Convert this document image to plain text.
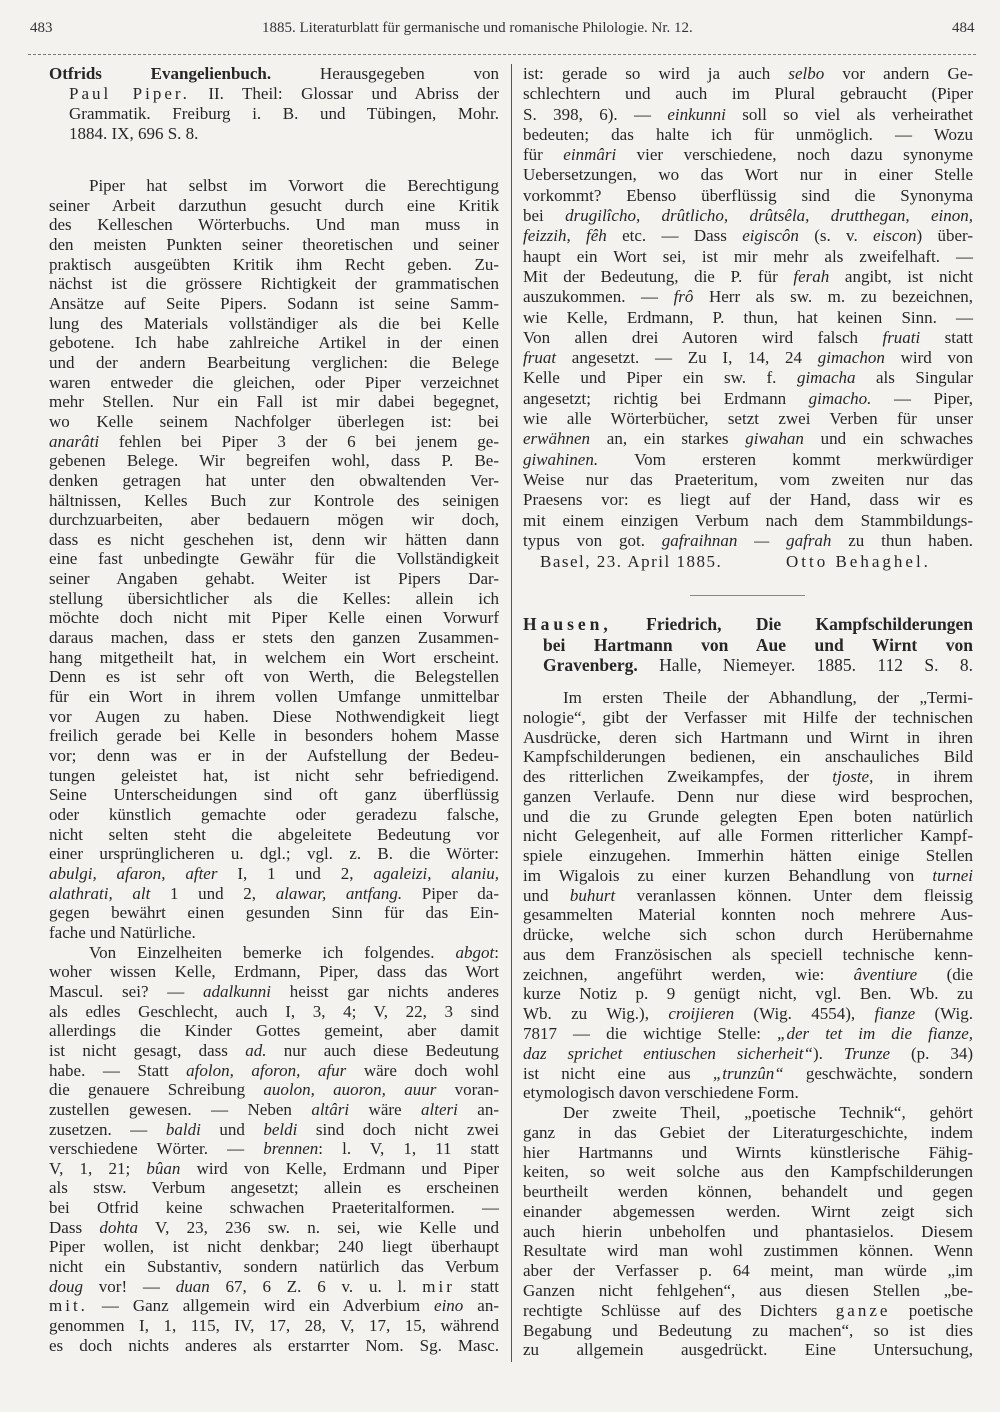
483	1885. Literaturblatt für germanische und romanische Philologie. Nr. 12.	484
Otfrids Evangelienbuch. Herausgegeben von
Paul Piper. II. Theil: Glossar und Abriss der
Grammatik. Freiburg i. B. und Tübingen, Mohr.
1884. IX, 696 S. 8.
Piper hat selbst im Vorwort die Berechtigung
seiner Arbeit darzuthun gesucht durch eine Kritik
des Kelleschen Wörterbuchs. Und man muss in
den meisten Punkten seiner theoretischen und seiner
praktisch ausgeübten Kritik ihm Recht geben. Zu-
nächst ist die grössere Richtigkeit der grammatischen
Ansätze auf Seite Pipers. Sodann ist seine Samm-
lung des Materials vollständiger als die bei Kelle
gebotene. Ich habe zahlreiche Artikel in der einen
und der andern Bearbeitung verglichen: die Belege
waren entweder die gleichen, oder Piper verzeichnet
mehr Stellen. Nur ein Fall ist mir dabei begegnet,
wo Kelle seinem Nachfolger überlegen ist: bei
anarâti fehlen bei Piper 3 der 6 bei jenem ge-
gebenen Belege. Wir begreifen wohl, dass P. Be-
denken getragen hat unter den obwaltenden Ver-
hältnissen, Kelles Buch zur Kontrole des seinigen
durchzuarbeiten, aber bedauern mögen wir doch,
dass es nicht geschehen ist, denn wir hätten dann
eine fast unbedingte Gewähr für die Vollständigkeit
seiner Angaben gehabt. Weiter ist Pipers Dar-
stellung übersichtlicher als die Kelles: allein ich
möchte doch nicht mit Piper Kelle einen Vorwurf
daraus machen, dass er stets den ganzen Zusammen-
hang mitgetheilt hat, in welchem ein Wort erscheint.
Denn es ist sehr oft von Werth, die Belegstellen
für ein Wort in ihrem vollen Umfange unmittelbar
vor Augen zu haben. Diese Nothwendigkeit liegt
freilich gerade bei Kelle in besonders hohem Masse
vor; denn was er in der Aufstellung der Bedeu-
tungen geleistet hat, ist nicht sehr befriedigend.
Seine Unterscheidungen sind oft ganz überflüssig
oder künstlich gemachte oder geradezu falsche,
nicht selten steht die abgeleitete Bedeutung vor
einer ursprünglicheren u. dgl.; vgl. z. B. die Wörter:
abulgi, afaron, after I, 1 und 2, agaleizi, alaniu,
alathrati, alt 1 und 2, alawar, antfang. Piper da-
gegen bewährt einen gesunden Sinn für das Ein-
fache und Natürliche.
Von Einzelheiten bemerke ich folgendes. abgot:
woher wissen Kelle, Erdmann, Piper, dass das Wort
Mascul. sei? — adalkunni heisst gar nichts anderes
als edles Geschlecht, auch I, 3, 4; V, 22, 3 sind
allerdings die Kinder Gottes gemeint, aber damit
ist nicht gesagt, dass ad. nur auch diese Bedeutung
habe. — Statt afolon, aforon, afur wäre doch wohl
die genauere Schreibung auolon, auoron, auur voran-
zustellen gewesen. — Neben altâri wäre alteri an-
zusetzen. — baldi und beldi sind doch nicht zwei
verschiedene Wörter. — brennen: l. V, 1, 11 statt
V, 1, 21; bûan wird von Kelle, Erdmann und Piper
als stsw. Verbum angesetzt; allein es erscheinen
bei Otfrid keine schwachen Praeteritalformen. —
Dass dohta V, 23, 236 sw. n. sei, wie Kelle und
Piper wollen, ist nicht denkbar; 240 liegt überhaupt
nicht ein Substantiv, sondern natürlich das Verbum
doug vor! — duan 67, 6 Z. 6 v. u. l. mir statt
mit. — Ganz allgemein wird ein Adverbium eino an-
genommen I, 1, 115, IV, 17, 28, V, 17, 15, während
es doch nichts anderes als erstarrter Nom. Sg. Masc.
ist: gerade so wird ja auch selbo vor andern Ge-
schlechtern und auch im Plural gebraucht (Piper
S. 398, 6). — einkunni soll so viel als verheirathet
bedeuten; das halte ich für unmöglich. — Wozu
für einmâri vier verschiedene, noch dazu synonyme
Uebersetzungen, wo das Wort nur in einer Stelle
vorkommt? Ebenso überflüssig sind die Synonyma
bei drugilîcho, drûtlicho, drûtsêla, drutthegan, einon,
feizzih, fêh etc. — Dass eigiscôn (s. v. eiscon) über-
haupt ein Wort sei, ist mir mehr als zweifelhaft. —
Mit der Bedeutung, die P. für ferah angibt, ist nicht
auszukommen. — frô Herr als sw. m. zu bezeichnen,
wie Kelle, Erdmann, P. thun, hat keinen Sinn. —
Von allen drei Autoren wird falsch fruati statt
fruat angesetzt. — Zu I, 14, 24 gimachon wird von
Kelle und Piper ein sw. f. gimacha als Singular
angesetzt; richtig bei Erdmann gimacho. — Piper,
wie alle Wörterbücher, setzt zwei Verben für unser
erwähnen an, ein starkes giwahan und ein schwaches
giwahinen. Vom ersteren kommt merkwürdiger
Weise nur das Praeteritum, vom zweiten nur das
Praesens vor: es liegt auf der Hand, dass wir es
mit einem einzigen Verbum nach dem Stammbildungs-
typus von got. gafraihnan — gafrah zu thun haben.
Basel, 23. April 1885.	Otto Behaghel.
Hausen, Friedrich, Die Kampfschilderungen
bei Hartmann von Aue und Wirnt von
Gravenberg. Halle, Niemeyer. 1885. 112 S. 8.
Im ersten Theile der Abhandlung, der „Termi-
nologie“, gibt der Verfasser mit Hilfe der technischen
Ausdrücke, deren sich Hartmann und Wirnt in ihren
Kampfschilderungen bedienen, ein anschauliches Bild
des ritterlichen Zweikampfes, der tjoste, in ihrem
ganzen Verlaufe. Denn nur diese wird besprochen,
und die zu Grunde gelegten Epen boten natürlich
nicht Gelegenheit, auf alle Formen ritterlicher Kampf-
spiele einzugehen. Immerhin hätten einige Stellen
im Wigalois zu einer kurzen Behandlung von turnei
und buhurt veranlassen können. Unter dem fleissig
gesammelten Material konnten noch mehrere Aus-
drücke, welche sich schon durch Herübernahme
aus dem Französischen als speciell technische kenn-
zeichnen, angeführt werden, wie: âventiure (die
kurze Notiz p. 9 genügt nicht, vgl. Ben. Wb. zu
Wb. zu Wig.), croijieren (Wig. 4554), fianze (Wig.
7817 — die wichtige Stelle: „der tet im die fianze,
daz sprichet entiuschen sicherheit“). Trunze (p. 34)
ist nicht eine aus „trunzûn“ geschwächte, sondern
etymologisch davon verschiedene Form.
Der zweite Theil, „poetische Technik“, gehört
ganz in das Gebiet der Literaturgeschichte, indem
hier Hartmanns und Wirnts künstlerische Fähig-
keiten, so weit solche aus den Kampfschilderungen
beurtheilt werden können, behandelt und gegen
einander abgemessen werden. Wirnt zeigt sich
auch hierin unbeholfen und phantasielos. Diesem
Resultate wird man wohl zustimmen können. Wenn
aber der Verfasser p. 64 meint, man würde „im
Ganzen nicht fehlgehen“, aus diesen Stellen „be-
rechtigte Schlüsse auf des Dichters ganze poetische
Begabung und Bedeutung zu machen“, so ist dies
zu allgemein ausgedrückt. Eine Untersuchung,
